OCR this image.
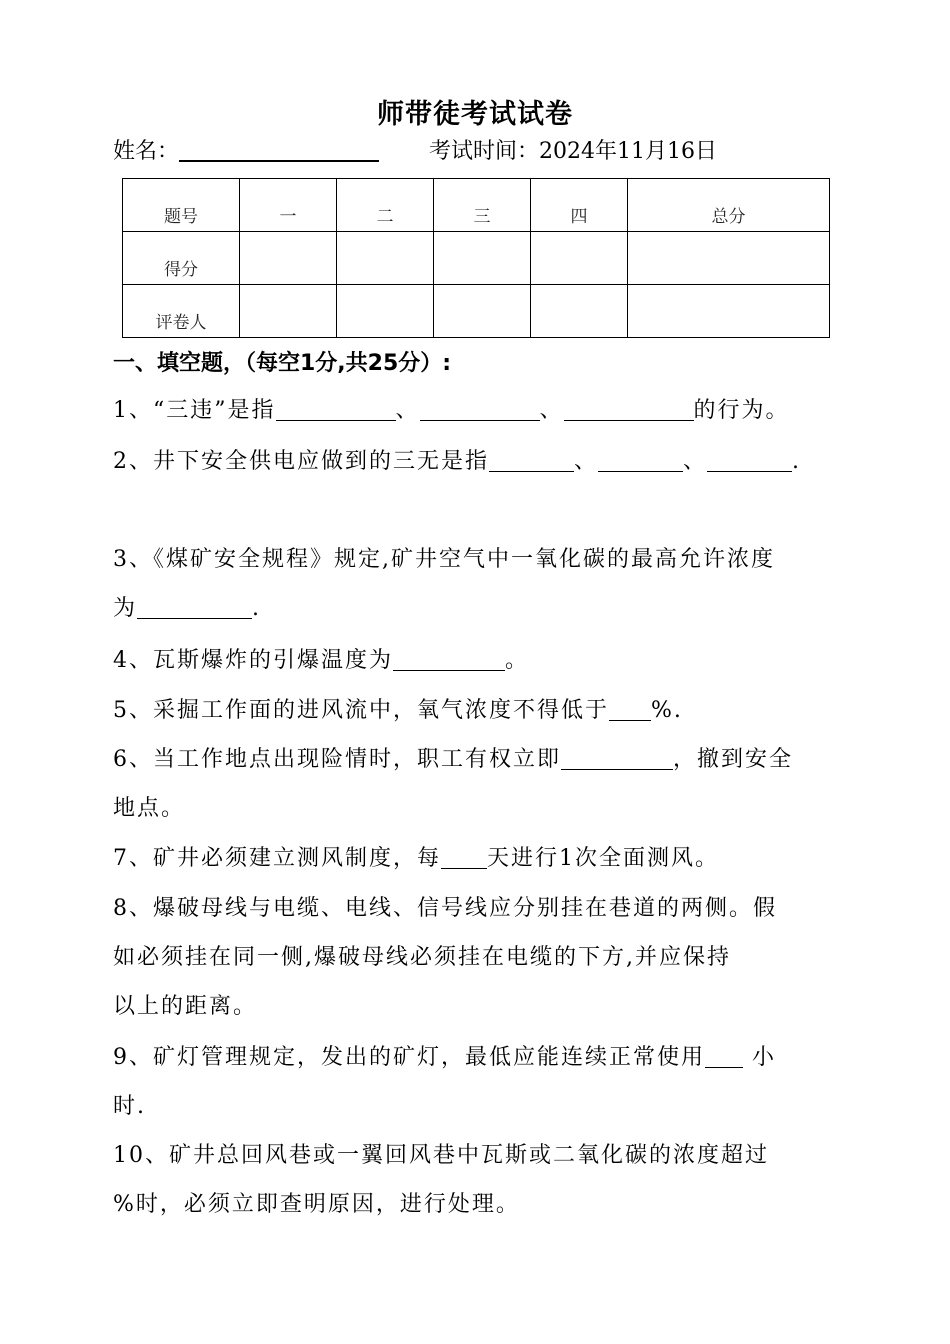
师带徒考试试卷
姓名：	考试时间：2024年11月16日
题号	一	二	三	四	总分
得分					
评卷人					
一、填空题，（每空1分,共25分）:
1、“三违”是指	、	、	的行为。
2、井下安全供电应做到的三无是指	、	、	.
3、《煤矿安全规程》规定,矿井空气中一氧化碳的最高允许浓度
为	.
4、瓦斯爆炸的引爆温度为	。
5、采掘工作面的进风流中，氧气浓度不得低于 %.
6、当工作地点出现险情时，职工有权立即	，撤到安全
地点。
7、矿井必须建立测风制度，每 天进行1次全面测风。
8、爆破母线与电缆、电线、信号线应分别挂在巷道的两侧。假
如必须挂在同一侧,爆破母线必须挂在电缆的下方,并应保持
以上的距离。
9、矿灯管理规定，发出的矿灯，最低应能连续正常使用 小
时.
10、矿井总回风巷或一翼回风巷中瓦斯或二氧化碳的浓度超过
%时，必须立即查明原因，进行处理。
